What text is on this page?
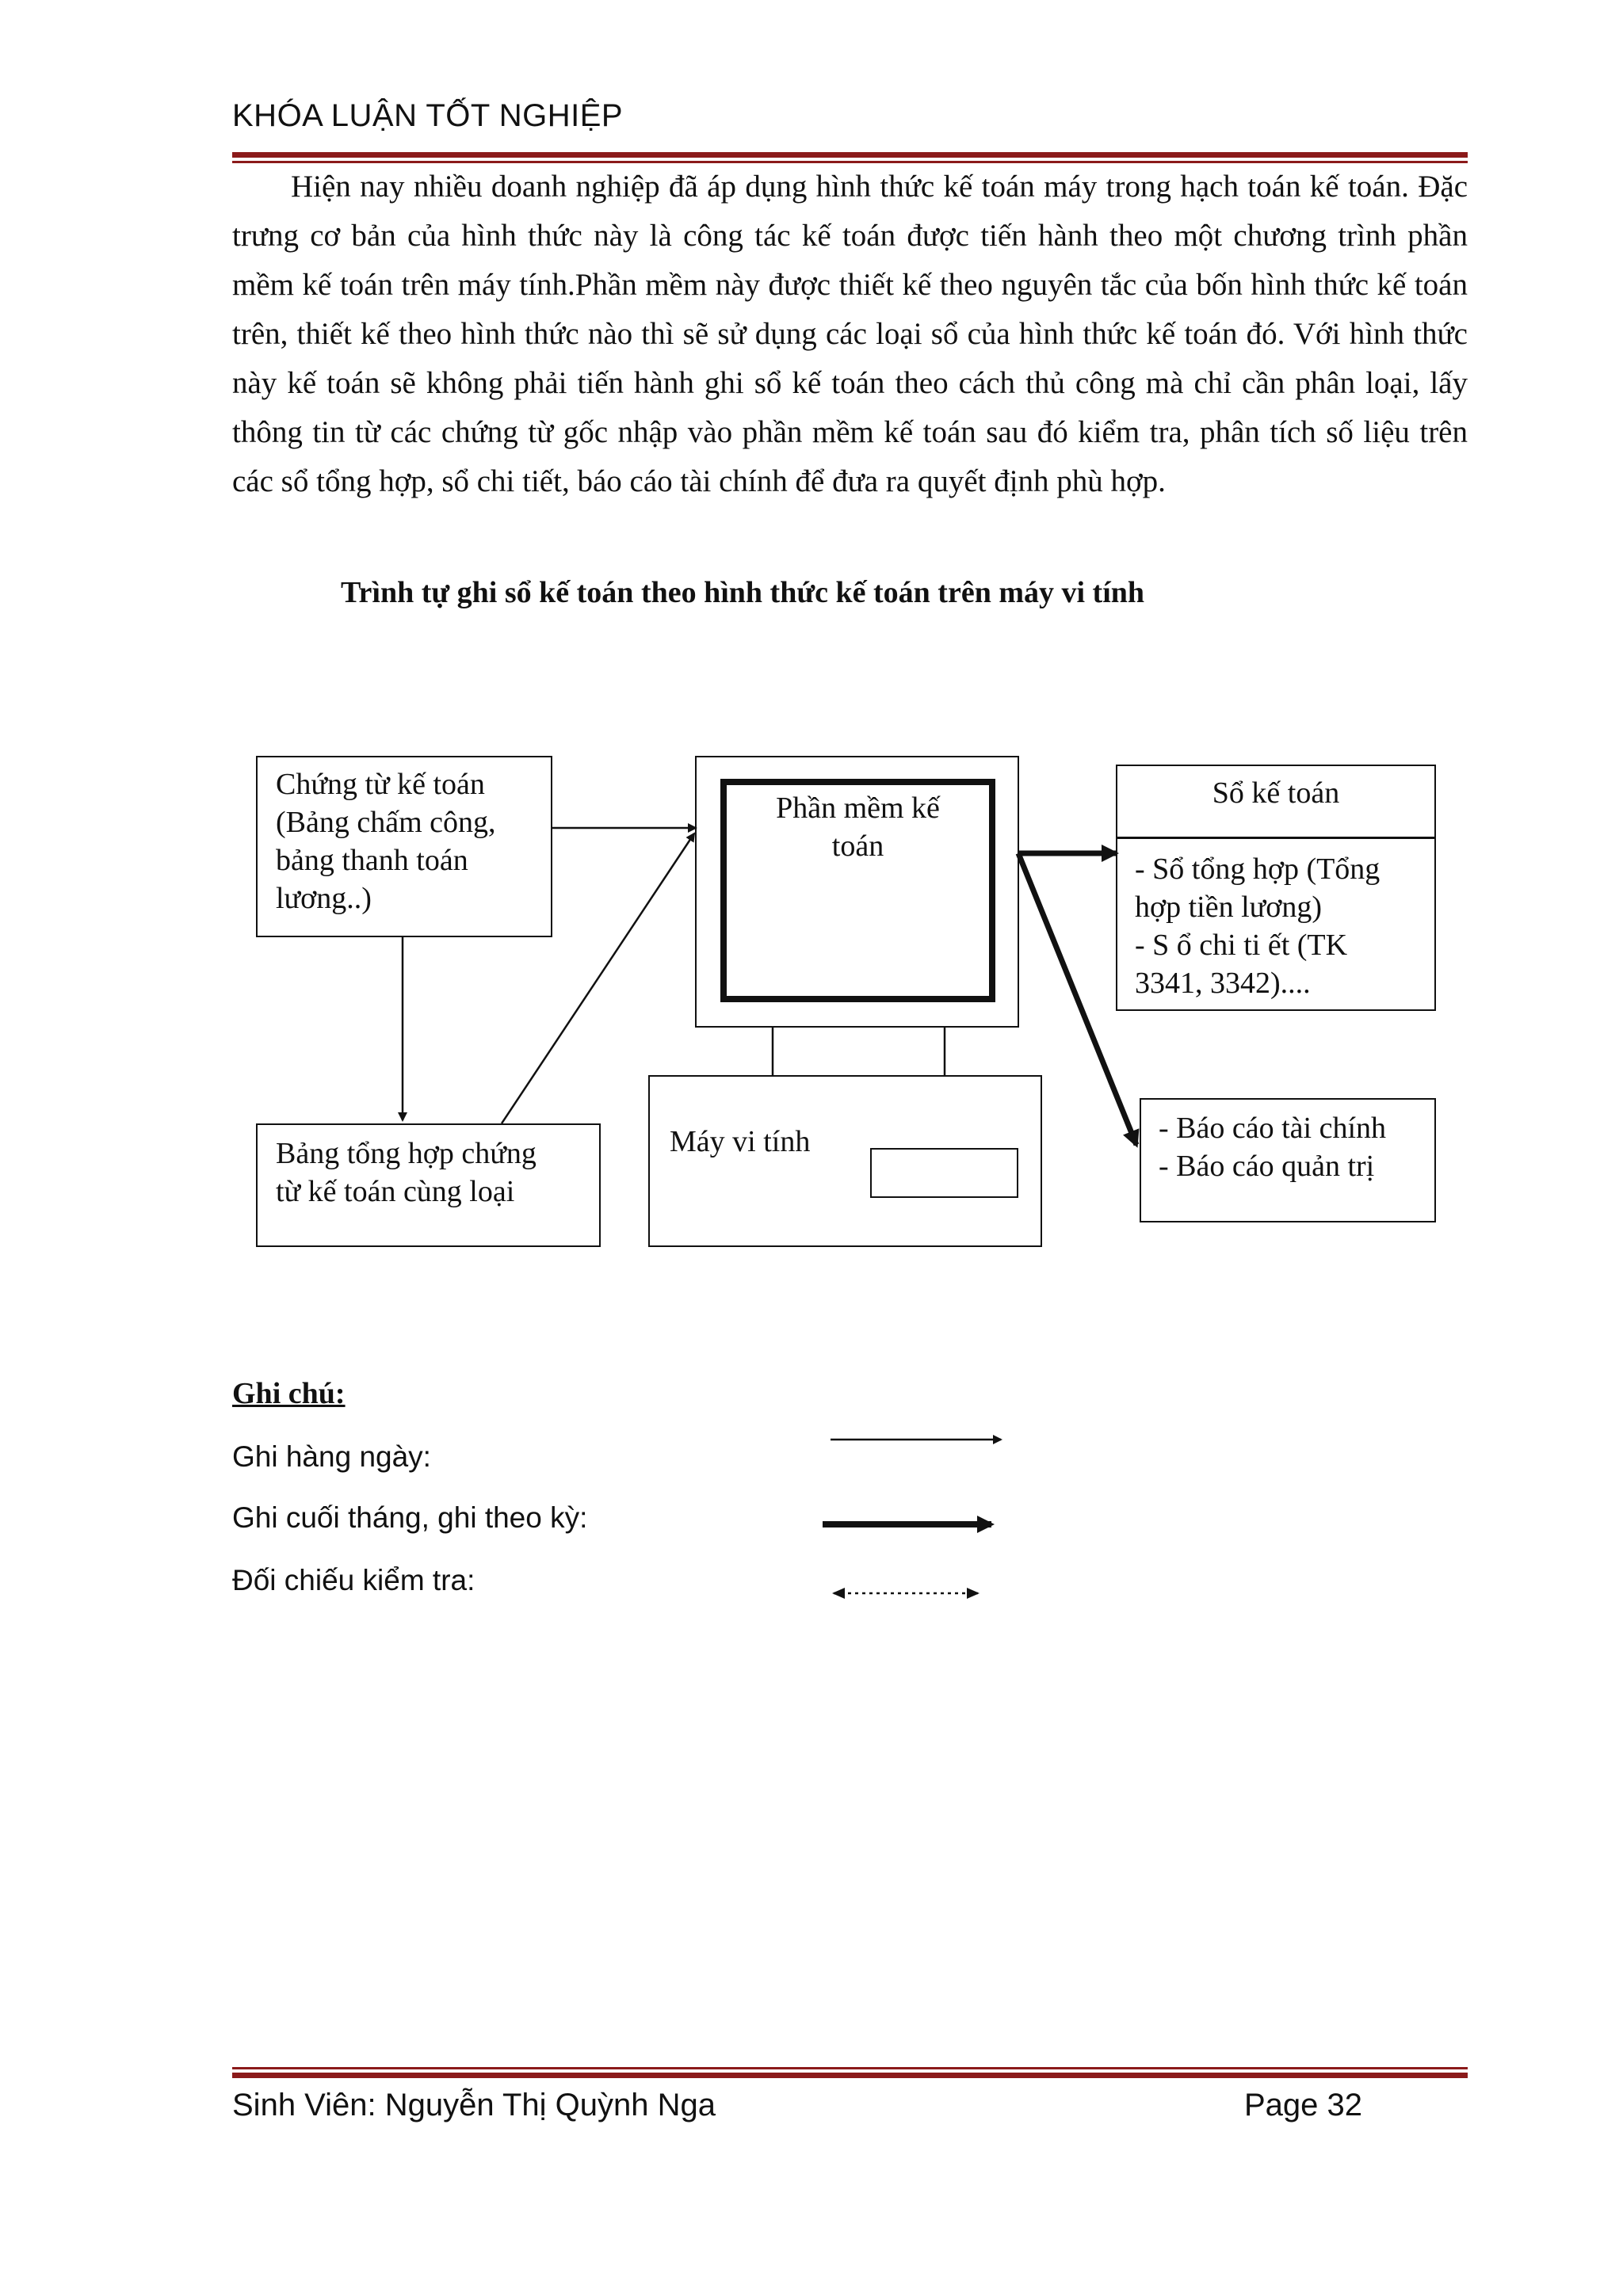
KHÓA LUẬN TỐT NGHIỆP

Hiện nay nhiều doanh nghiệp đã áp dụng hình thức kế toán máy trong hạch toán kế toán. Đặc trưng cơ bản của hình thức này là công tác kế toán được tiến hành theo một chương trình phần mềm kế toán trên máy tính.Phần mềm này được thiết kế theo nguyên tắc của bốn hình thức kế toán trên, thiết kế theo hình thức nào thì sẽ sử dụng các loại sổ của hình thức kế toán đó. Với hình thức này kế toán sẽ không phải tiến hành ghi sổ kế toán theo cách thủ công mà chỉ cần phân loại, lấy thông tin từ các chứng từ gốc nhập vào phần mềm kế toán sau đó kiểm tra, phân tích số liệu trên các sổ tổng hợp, sổ chi tiết, báo cáo tài chính để đưa ra quyết định phù hợp.

Trình tự ghi sổ kế toán theo hình thức kế toán trên máy vi tính
Chứng từ kế toán
(Bảng chấm công,
bảng thanh toán
lương..)
Phần mềm kế
toán
Máy vi tính
Sổ kế toán
- Sổ tổng hợp (Tổng
hợp tiền lương)
- S ổ chi ti ết (TK
3341, 3342)....
Bảng tổng hợp chứng
từ kế toán cùng loại
- Báo cáo tài chính
- Báo cáo quản trị
Ghi chú:
Ghi hàng ngày:
Ghi cuối tháng, ghi theo kỳ:
Đối chiếu kiểm tra:
Sinh Viên: Nguyễn Thị Quỳnh Nga	Page 32
